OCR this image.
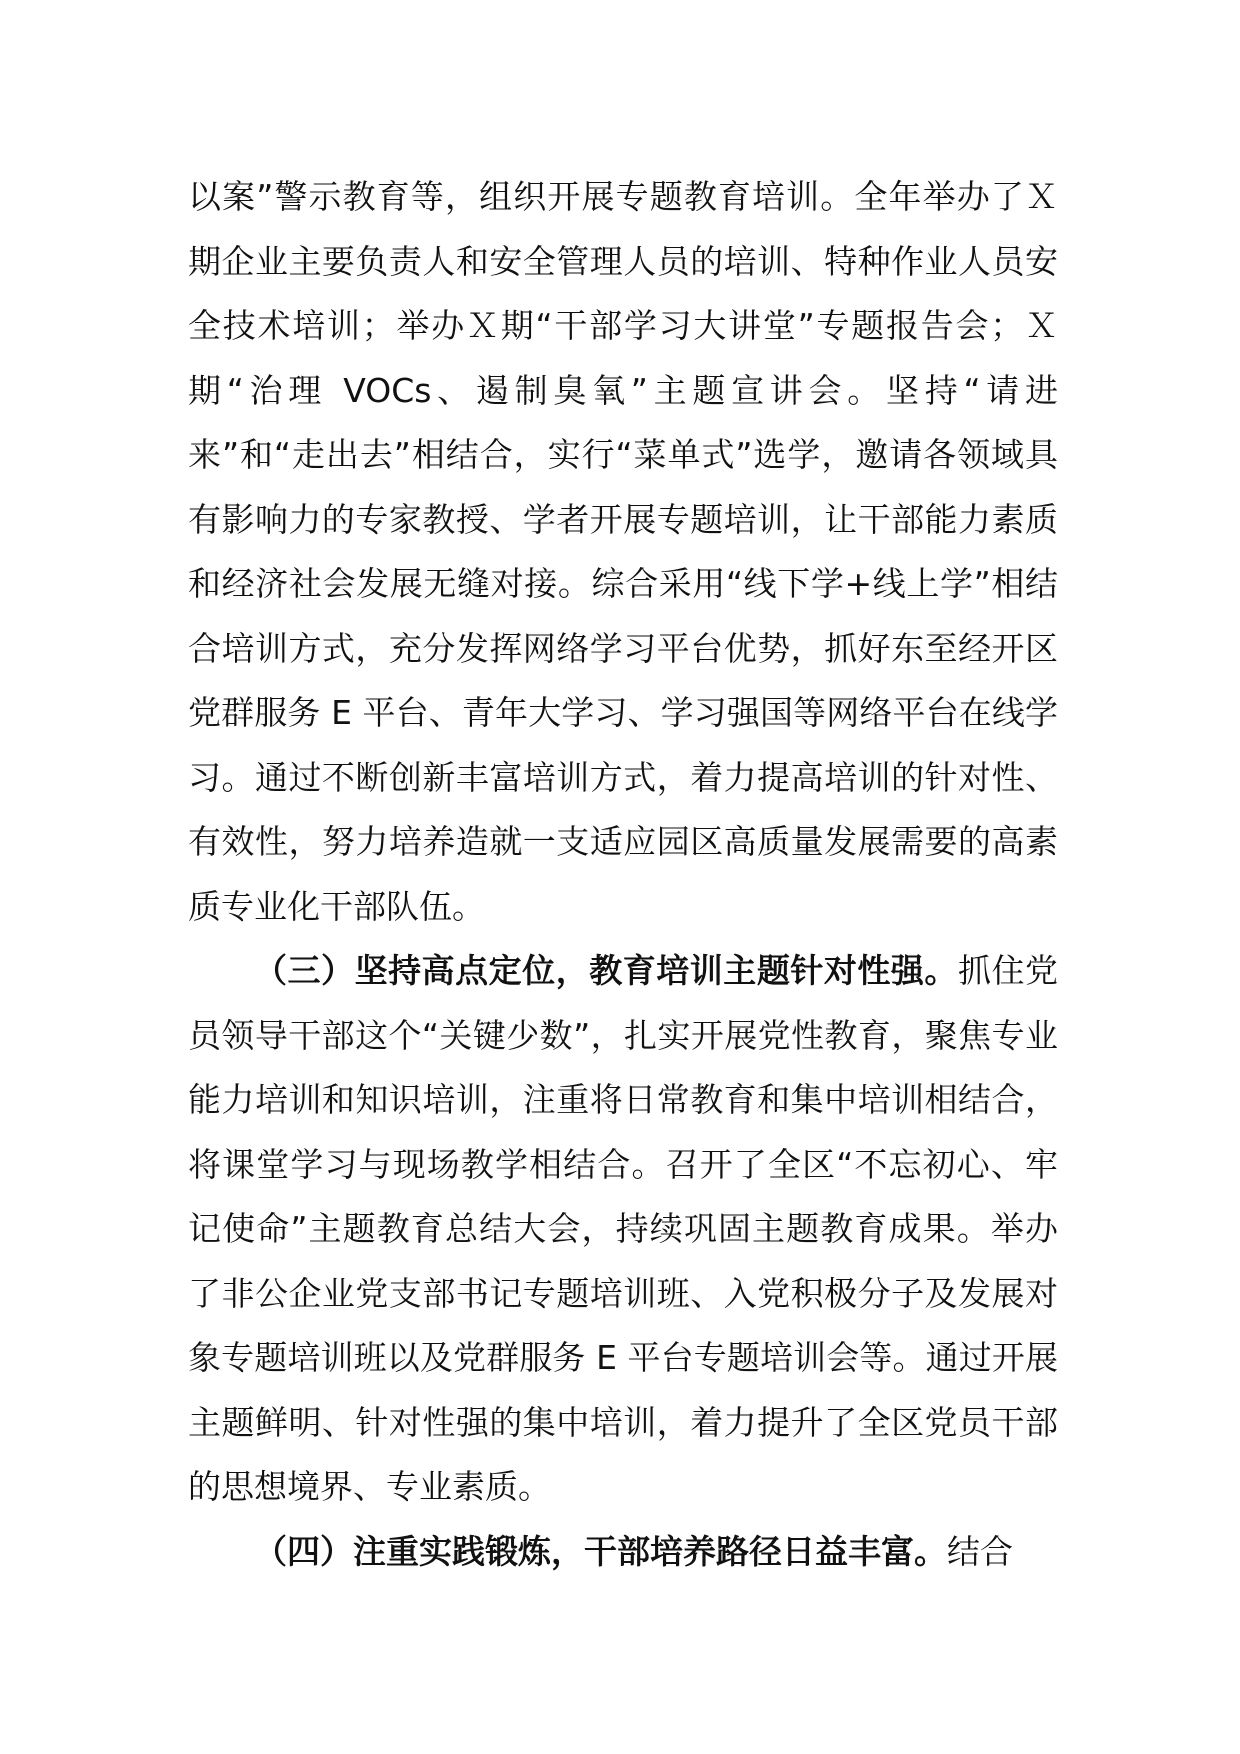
以案”警示教育等，组织开展专题教育培训。全年举办了Ｘ期企业主要负责人和安全管理人员的培训、特种作业人员安全技术培训；举办Ｘ期“干部学习大讲堂”专题报告会；Ｘ期“治理 VOCs、遏制臭氧”主题宣讲会。坚持“请进来”和“走出去”相结合，实行“菜单式”选学，邀请各领域具有影响力的专家教授、学者开展专题培训，让干部能力素质和经济社会发展无缝对接。综合采用“线下学+线上学”相结合培训方式，充分发挥网络学习平台优势，抓好东至经开区党群服务 E 平台、青年大学习、学习强国等网络平台在线学习。通过不断创新丰富培训方式，着力提高培训的针对性、有效性，努力培养造就一支适应园区高质量发展需要的高素质专业化干部队伍。

（三）坚持高点定位，教育培训主题针对性强。抓住党员领导干部这个“关键少数”，扎实开展党性教育，聚焦专业能力培训和知识培训，注重将日常教育和集中培训相结合，将课堂学习与现场教学相结合。召开了全区“不忘初心、牢记使命”主题教育总结大会，持续巩固主题教育成果。举办了非公企业党支部书记专题培训班、入党积极分子及发展对象专题培训班以及党群服务 E 平台专题培训会等。通过开展主题鲜明、针对性强的集中培训，着力提升了全区党员干部的思想境界、专业素质。

（四）注重实践锻炼，干部培养路径日益丰富。结合
